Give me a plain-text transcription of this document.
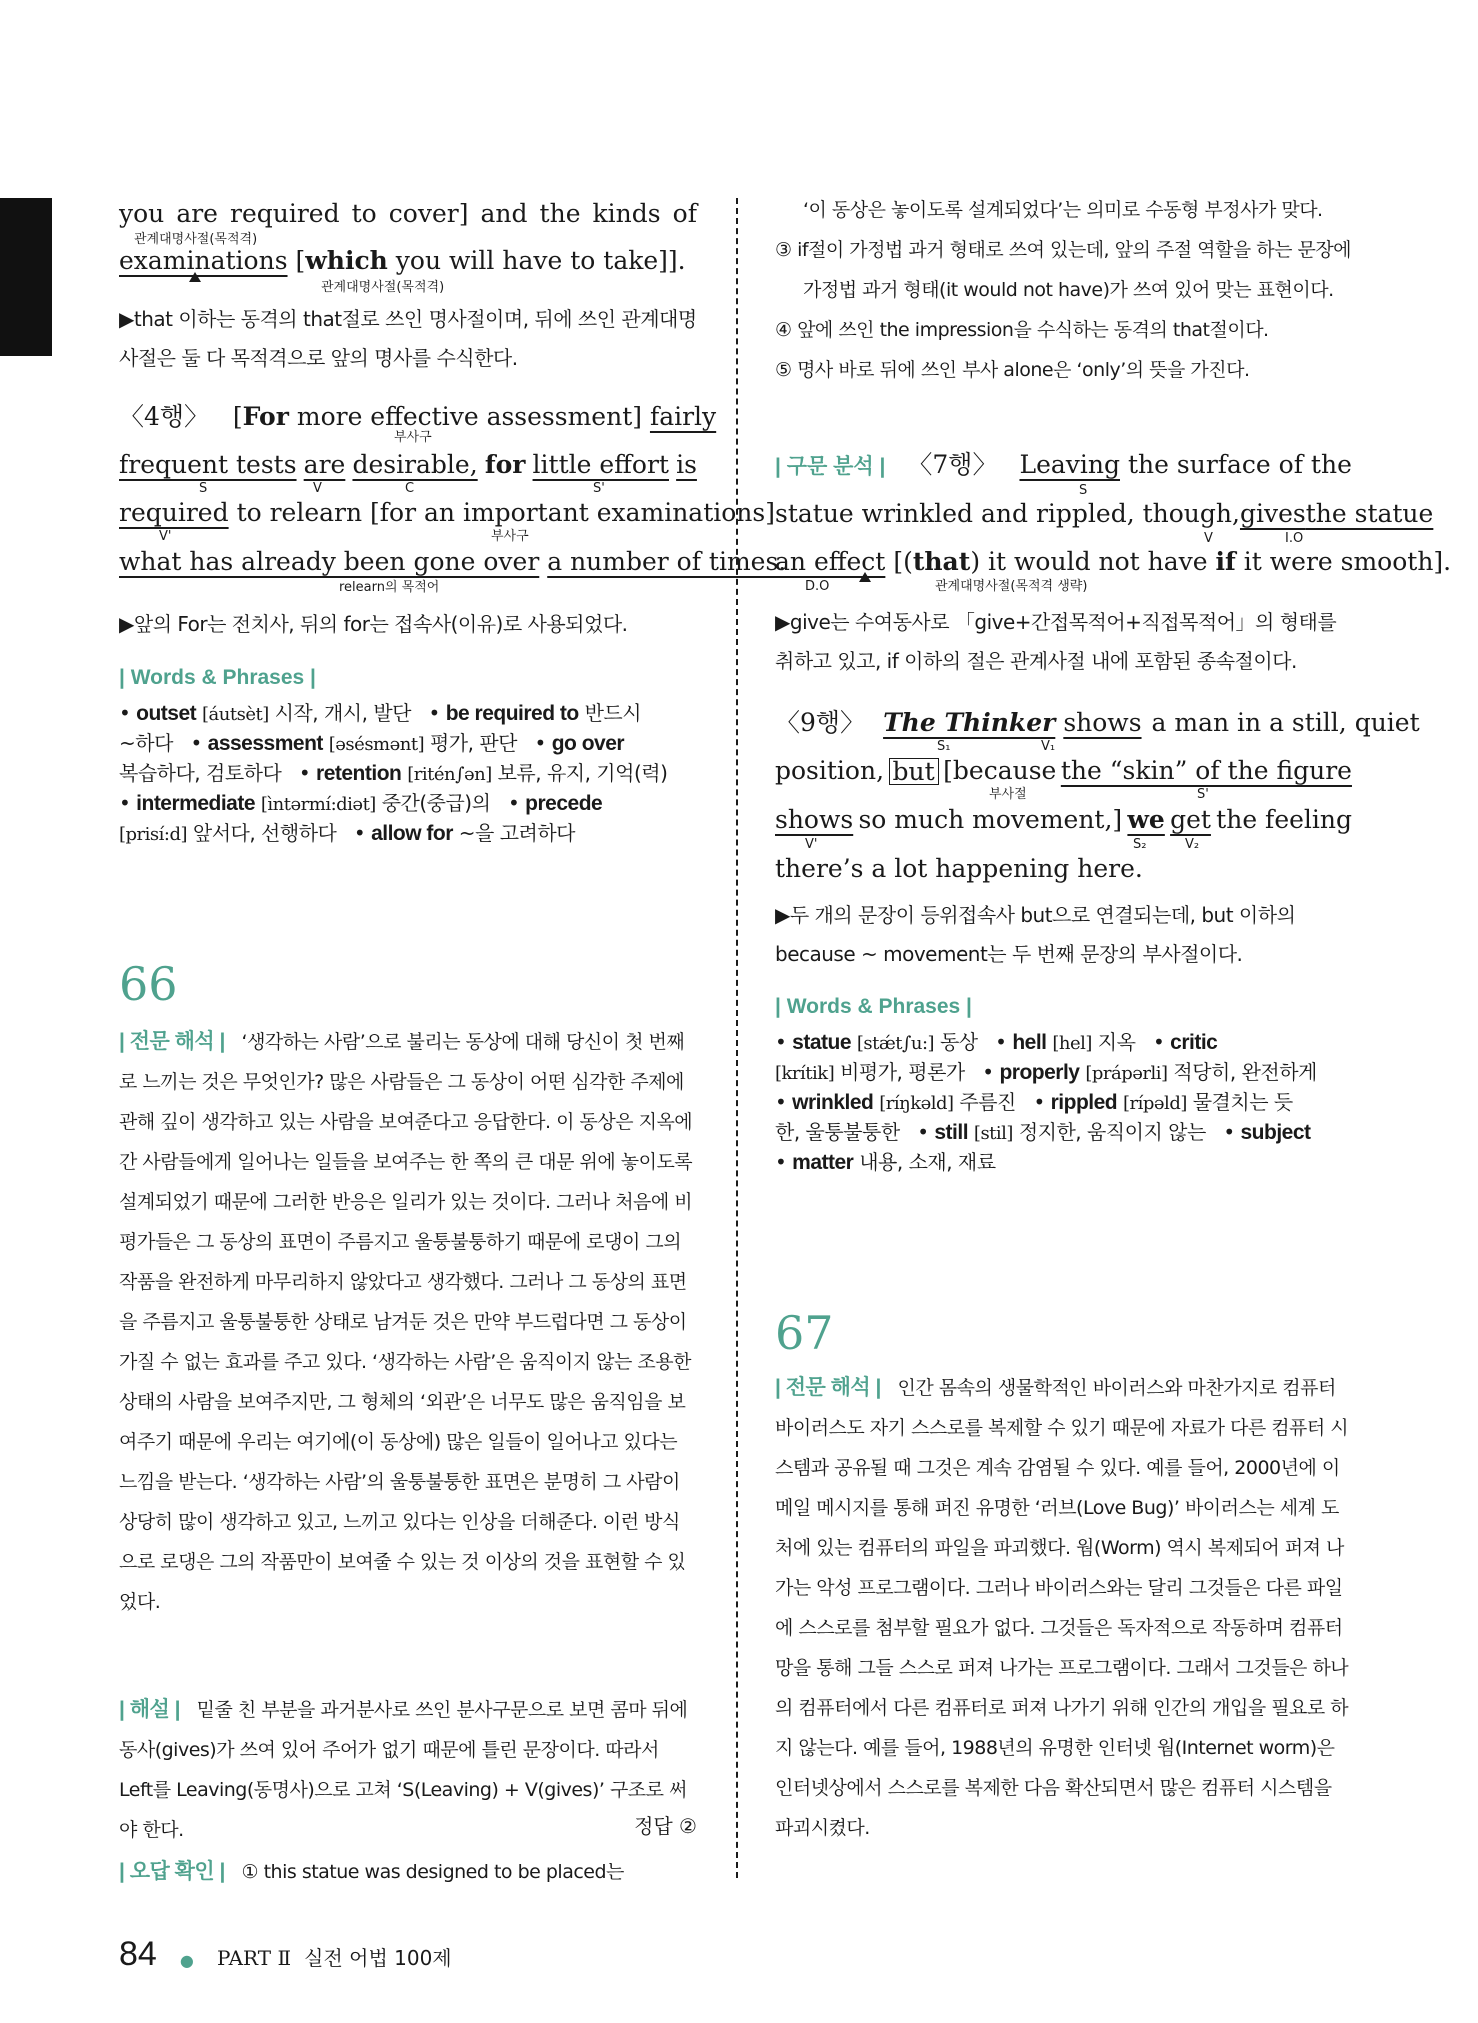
you are required to cover] and the kinds of
관계대명사절(목적격)
examinations [which you will have to take]].
관계대명사절(목적격)

▶that 이하는 동격의 that절로 쓰인 명사절이며, 뒤에 쓰인 관계대명사절은 둘 다 목적격으로 앞의 명사를 수식한다.

〈4행〉   [For more effective assessment] fairly
부사구
frequent tests are desirable, for little effort is
S	V	C	S'
required to relearn [for an important examinations]
V'	부사구
what has already been gone over a number of times.
relearn의 목적어

▶앞의 For는 전치사, 뒤의 for는 접속사(이유)로 사용되었다.

| Words & Phrases |
• outset [áutsèt] 시작, 개시, 발단   • be required to 반드시
~하다   • assessment [əsésmənt] 평가, 판단   • go over
복습하다, 검토하다   • retention [ritén∫ən] 보류, 유지, 기억(력)
• intermediate [ìntərmí:diət] 중간(중급)의   • precede
[prisí:d] 앞서다, 선행하다   • allow for ~을 고려하다
66

| 전문 해석 | ‘생각하는 사람’으로 불리는 동상에 대해 당신이 첫 번째로 느끼는 것은 무엇인가? 많은 사람들은 그 동상이 어떤 심각한 주제에 관해 깊이 생각하고 있는 사람을 보여준다고 응답한다. 이 동상은 지옥에 간 사람들에게 일어나는 일들을 보여주는 한 쪽의 큰 대문 위에 놓이도록 설계되었기 때문에 그러한 반응은 일리가 있는 것이다. 그러나 처음에 비평가들은 그 동상의 표면이 주름지고 울퉁불퉁하기 때문에 로댕이 그의 작품을 완전하게 마무리하지 않았다고 생각했다. 그러나 그 동상의 표면을 주름지고 울퉁불퉁한 상태로 남겨둔 것은 만약 부드럽다면 그 동상이 가질 수 없는 효과를 주고 있다. ‘생각하는 사람’은 움직이지 않는 조용한 상태의 사람을 보여주지만, 그 형체의 ‘외관’은 너무도 많은 움직임을 보여주기 때문에 우리는 여기에(이 동상에) 많은 일들이 일어나고 있다는 느낌을 받는다. ‘생각하는 사람’의 울퉁불퉁한 표면은 분명히 그 사람이 상당히 많이 생각하고 있고, 느끼고 있다는 인상을 더해준다. 이런 방식으로 로댕은 그의 작품만이 보여줄 수 있는 것 이상의 것을 표현할 수 있었다.

| 해설 | 밑줄 친 부분을 과거분사로 쓰인 분사구문으로 보면 콤마 뒤에 동사(gives)가 쓰여 있어 주어가 없기 때문에 틀린 문장이다. 따라서 Left를 Leaving(동명사)으로 고쳐 ‘S(Leaving) + V(gives)’ 구조로 써야 한다.	정답 ②

| 오답 확인 | ① this statue was designed to be placed는

‘이 동상은 놓이도록 설계되었다’는 의미로 수동형 부정사가 맞다.

③ if절이 가정법 과거 형태로 쓰여 있는데, 앞의 주절 역할을 하는 문장에 가정법 과거 형태(it would not have)가 쓰여 있어 맞는 표현이다.

④ 앞에 쓰인 the impression을 수식하는 동격의 that절이다.

⑤ 명사 바로 뒤에 쓰인 부사 alone은 ‘only’의 뜻을 가진다.

| 구문 분석 | 〈7행〉 Leaving the surface of the
S
statue wrinkled and rippled, though, gives the statue
V	I.O
an effect [(that) it would not have if it were smooth].
D.O	관계대명사절(목적격 생략)

▶give는 수여동사로 「give+간접목적어+직접목적어」의 형태를 취하고 있고, if 이하의 절은 관계사절 내에 포함된 종속절이다.

〈9행〉 The Thinker shows a man in a still, quiet
S₁	V₁
position, but [because the “skin” of the figure
부사절	S'
shows so much movement,] we get the feeling
V'	S₂	V₂
there’s a lot happening here.

▶두 개의 문장이 등위접속사 but으로 연결되는데, but 이하의 because ~ movement는 두 번째 문장의 부사절이다.

| Words & Phrases |
• statue [stǽt∫u:] 동상   • hell [hel] 지옥   • critic
[krítik] 비평가, 평론가   • properly [prápərli] 적당히, 완전하게
• wrinkled [ríŋkəld] 주름진   • rippled [rípəld] 물결치는 듯
한, 울퉁불퉁한   • still [stil] 정지한, 움직이지 않는   • subject
• matter 내용, 소재, 재료
67

| 전문 해석 | 인간 몸속의 생물학적인 바이러스와 마찬가지로 컴퓨터 바이러스도 자기 스스로를 복제할 수 있기 때문에 자료가 다른 컴퓨터 시스템과 공유될 때 그것은 계속 감염될 수 있다. 예를 들어, 2000년에 이메일 메시지를 통해 퍼진 유명한 ‘러브(Love Bug)’ 바이러스는 세계 도처에 있는 컴퓨터의 파일을 파괴했다. 웜(Worm) 역시 복제되어 퍼져 나가는 악성 프로그램이다. 그러나 바이러스와는 달리 그것들은 다른 파일에 스스로를 첨부할 필요가 없다. 그것들은 독자적으로 작동하며 컴퓨터망을 통해 그들 스스로 퍼져 나가는 프로그램이다. 그래서 그것들은 하나의 컴퓨터에서 다른 컴퓨터로 퍼져 나가기 위해 인간의 개입을 필요로 하지 않는다. 예를 들어, 1988년의 유명한 인터넷 웜(Internet worm)은 인터넷상에서 스스로를 복제한 다음 확산되면서 많은 컴퓨터 시스템을 파괴시켰다.

84 ● PART Ⅱ 실전 어법 100제
